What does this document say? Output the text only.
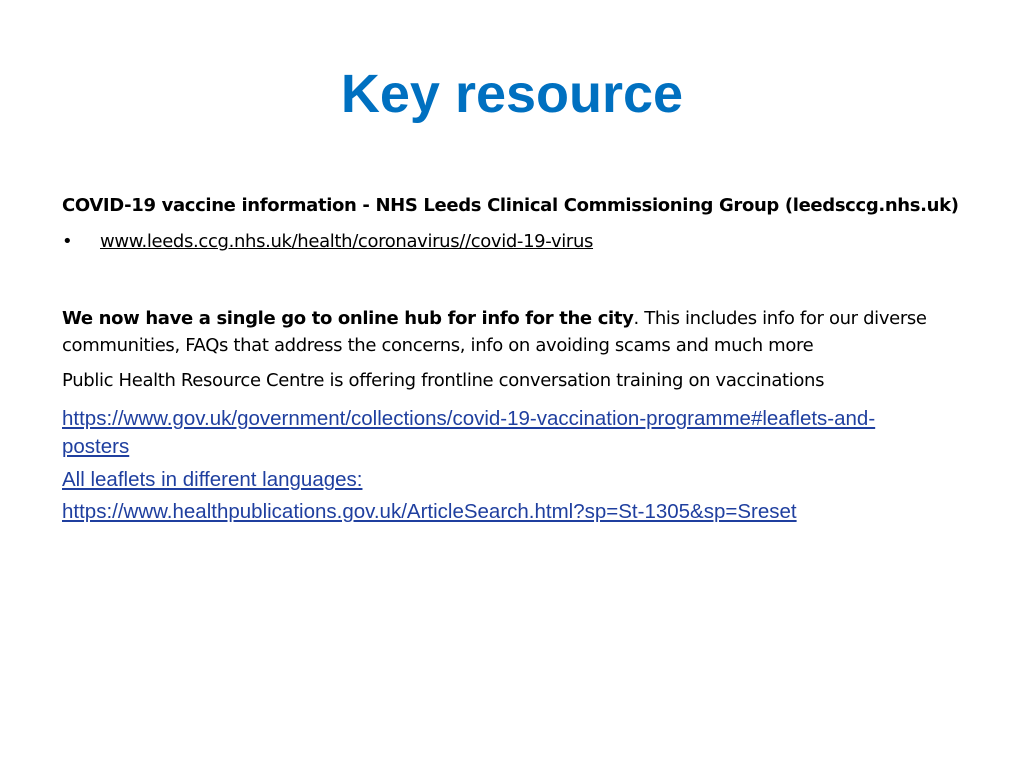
Key resource
COVID-19 vaccine information - NHS Leeds Clinical Commissioning Group (leedsccg.nhs.uk)
• www.leeds.ccg.nhs.uk/health/coronavirus//covid-19-virus
We now have a single go to online hub for info for the city. This includes info for our diverse communities, FAQs that address the concerns, info on avoiding scams and much more
Public Health Resource Centre is offering frontline conversation training on vaccinations
https://www.gov.uk/government/collections/covid-19-vaccination-programme#leaflets-and-posters
All leaflets in different languages:
https://www.healthpublications.gov.uk/ArticleSearch.html?sp=St-1305&sp=Sreset
